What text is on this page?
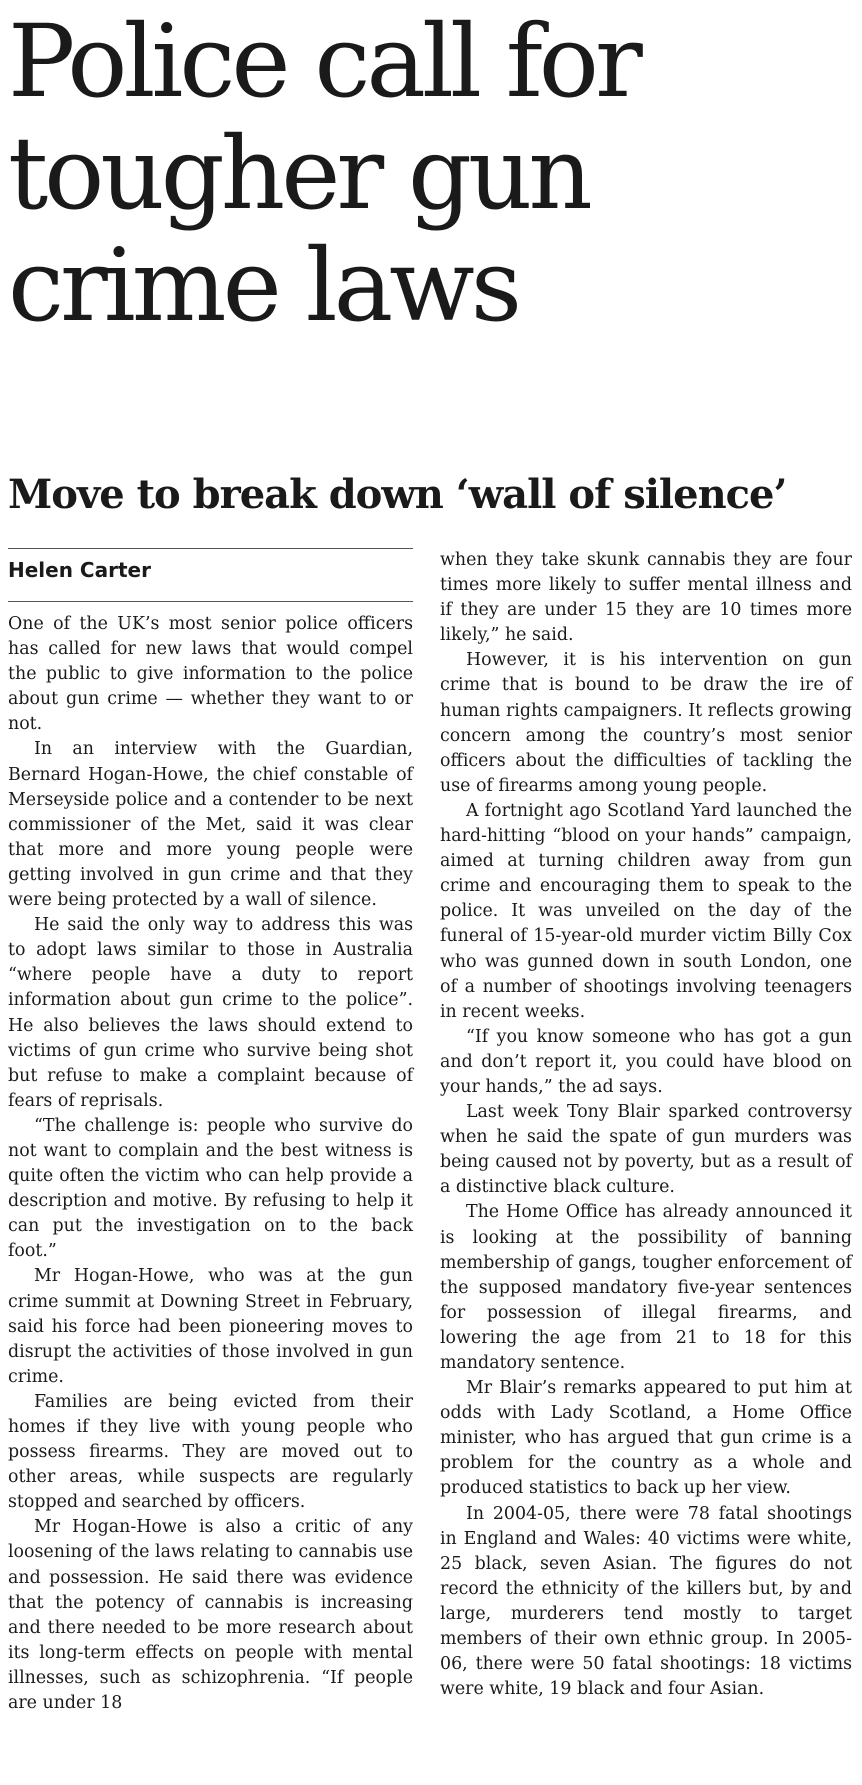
Police call for tougher gun crime laws
Move to break down ‘wall of silence’
Helen Carter

One of the UK’s most senior police officers has called for new laws that would compel the public to give information to the police about gun crime — whether they want to or not.

In an interview with the Guardian, Bernard Hogan-Howe, the chief constable of Merseyside police and a contender to be next commissioner of the Met, said it was clear that more and more young people were getting involved in gun crime and that they were being protected by a wall of silence.

He said the only way to address this was to adopt laws similar to those in Australia “where people have a duty to report information about gun crime to the police”. He also believes the laws should extend to victims of gun crime who survive being shot but refuse to make a complaint because of fears of reprisals.

“The challenge is: people who survive do not want to complain and the best witness is quite often the victim who can help provide a description and motive. By refusing to help it can put the investigation on to the back foot.”

Mr Hogan-Howe, who was at the gun crime summit at Downing Street in February, said his force had been pioneering moves to disrupt the activities of those involved in gun crime.

Families are being evicted from their homes if they live with young people who possess firearms. They are moved out to other areas, while suspects are regularly stopped and searched by officers.

Mr Hogan-Howe is also a critic of any loosening of the laws relating to cannabis use and possession. He said there was evidence that the potency of cannabis is increasing and there needed to be more research about its long-term effects on people with mental illnesses, such as schizophrenia. “If people are under 18

when they take skunk cannabis they are four times more likely to suffer mental illness and if they are under 15 they are 10 times more likely,” he said.

However, it is his intervention on gun crime that is bound to be draw the ire of human rights campaigners. It reflects growing concern among the country’s most senior officers about the difficulties of tackling the use of firearms among young people.

A fortnight ago Scotland Yard launched the hard-hitting “blood on your hands” campaign, aimed at turning children away from gun crime and encouraging them to speak to the police. It was unveiled on the day of the funeral of 15-year-old murder victim Billy Cox who was gunned down in south London, one of a number of shootings involving teenagers in recent weeks.

“If you know someone who has got a gun and don’t report it, you could have blood on your hands,” the ad says.

Last week Tony Blair sparked controversy when he said the spate of gun murders was being caused not by poverty, but as a result of a distinctive black culture.

The Home Office has already announced it is looking at the possibility of banning membership of gangs, tougher enforcement of the supposed mandatory five-year sentences for possession of illegal firearms, and lowering the age from 21 to 18 for this mandatory sentence.

Mr Blair’s remarks appeared to put him at odds with Lady Scotland, a Home Office minister, who has argued that gun crime is a problem for the country as a whole and produced statistics to back up her view.

In 2004-05, there were 78 fatal shootings in England and Wales: 40 victims were white, 25 black, seven Asian. The figures do not record the ethnicity of the killers but, by and large, murderers tend mostly to target members of their own ethnic group. In 2005-06, there were 50 fatal shootings: 18 victims were white, 19 black and four Asian.
